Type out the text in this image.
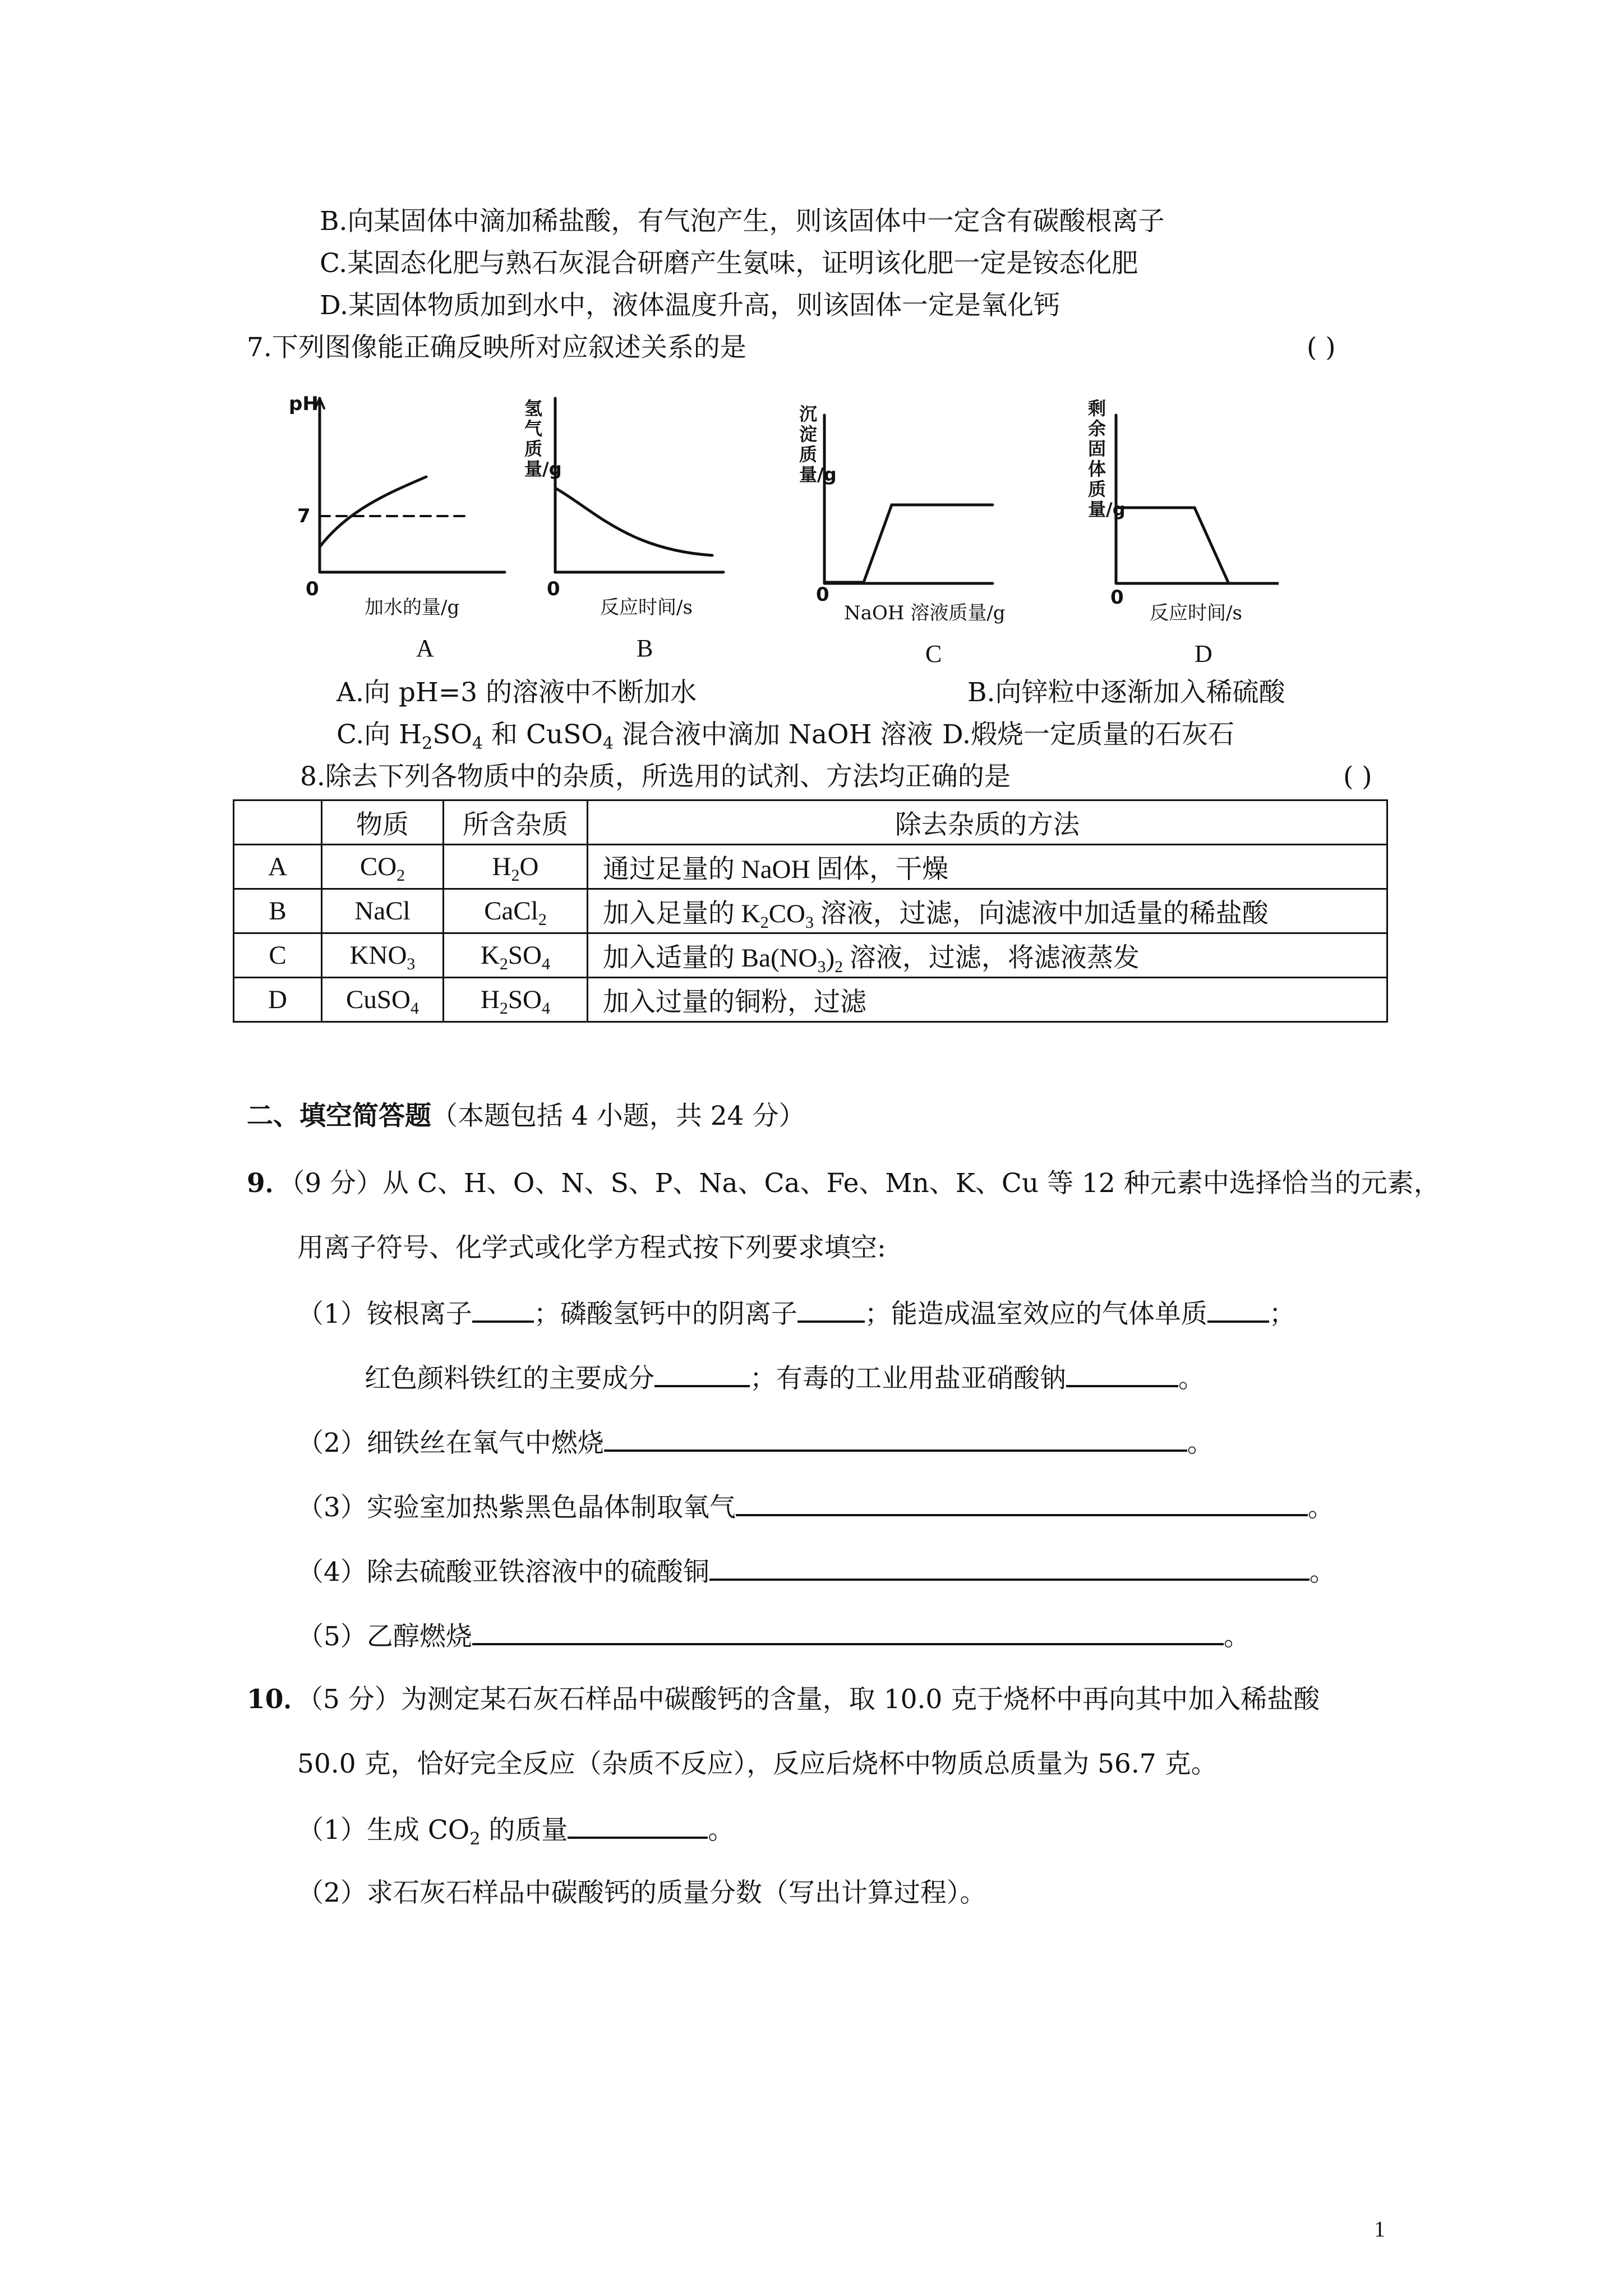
B.向某固体中滴加稀盐酸，有气泡产生，则该固体中一定含有碳酸根离子
C.某固态化肥与熟石灰混合研磨产生氨味，证明该化肥一定是铵态化肥
D.某固体物质加到水中，液体温度升高，则该固体一定是氧化钙
7.下列图像能正确反映所对应叙述关系的是	( )
pH
7
0
加水的量/g
A
氢气质量/g
0
反应时间/s
B
沉淀质量/g
0
NaOH 溶液质量/g
C
剩余固体质量/g
0
反应时间/s
D
A.向 pH=3 的溶液中不断加水	B.向锌粒中逐渐加入稀硫酸
C.向 $H_2SO_4$ 和 CuSO$_4$ 混合液中滴加 NaOH 溶液 D.煅烧一定质量的石灰石
8.除去下列各物质中的杂质，所选用的试剂、方法均正确的是	( )
	物质	所含杂质	除去杂质的方法
A	$CO_2$	$H_2O$	通过足量的 NaOH 固体，干燥
B	NaCl	CaCl$_2$	加入足量的 $K_2CO_3$ 溶液，过滤，向滤液中加适量的稀盐酸
C	$KNO_3$	$K_2SO_4$	加入适量的 $Ba(NO_3)_2$ 溶液，过滤，将滤液蒸发
D	CuSO$_4$	$H_2SO_4$	加入过量的铜粉，过滤
二、填空简答题（本题包括 4 小题，共 24 分）
9．（9 分）从 C、H、O、N、S、P、Na、Ca、Fe、Mn、K、Cu 等 12 种元素中选择恰当的元素，
用离子符号、化学式或化学方程式按下列要求填空:
（1）铵根离子 ；磷酸氢钙中的阴离子	；能造成温室效应的气体单质 ；
红色颜料铁红的主要成分	；有毒的工业用盐亚硝酸钠	。
（2）细铁丝在氧气中燃烧	。
（3）实验室加热紫黑色晶体制取氧气	。
（4）除去硫酸亚铁溶液中的硫酸铜	。
（5）乙醇燃烧	。
10．（5 分）为测定某石灰石样品中碳酸钙的含量，取 10.0 克于烧杯中再向其中加入稀盐酸
50.0 克，恰好完全反应（杂质不反应），反应后烧杯中物质总质量为 56.7 克。
（1）生成 $CO_2$ 的质量	。
（2）求石灰石样品中碳酸钙的质量分数（写出计算过程）。
1
